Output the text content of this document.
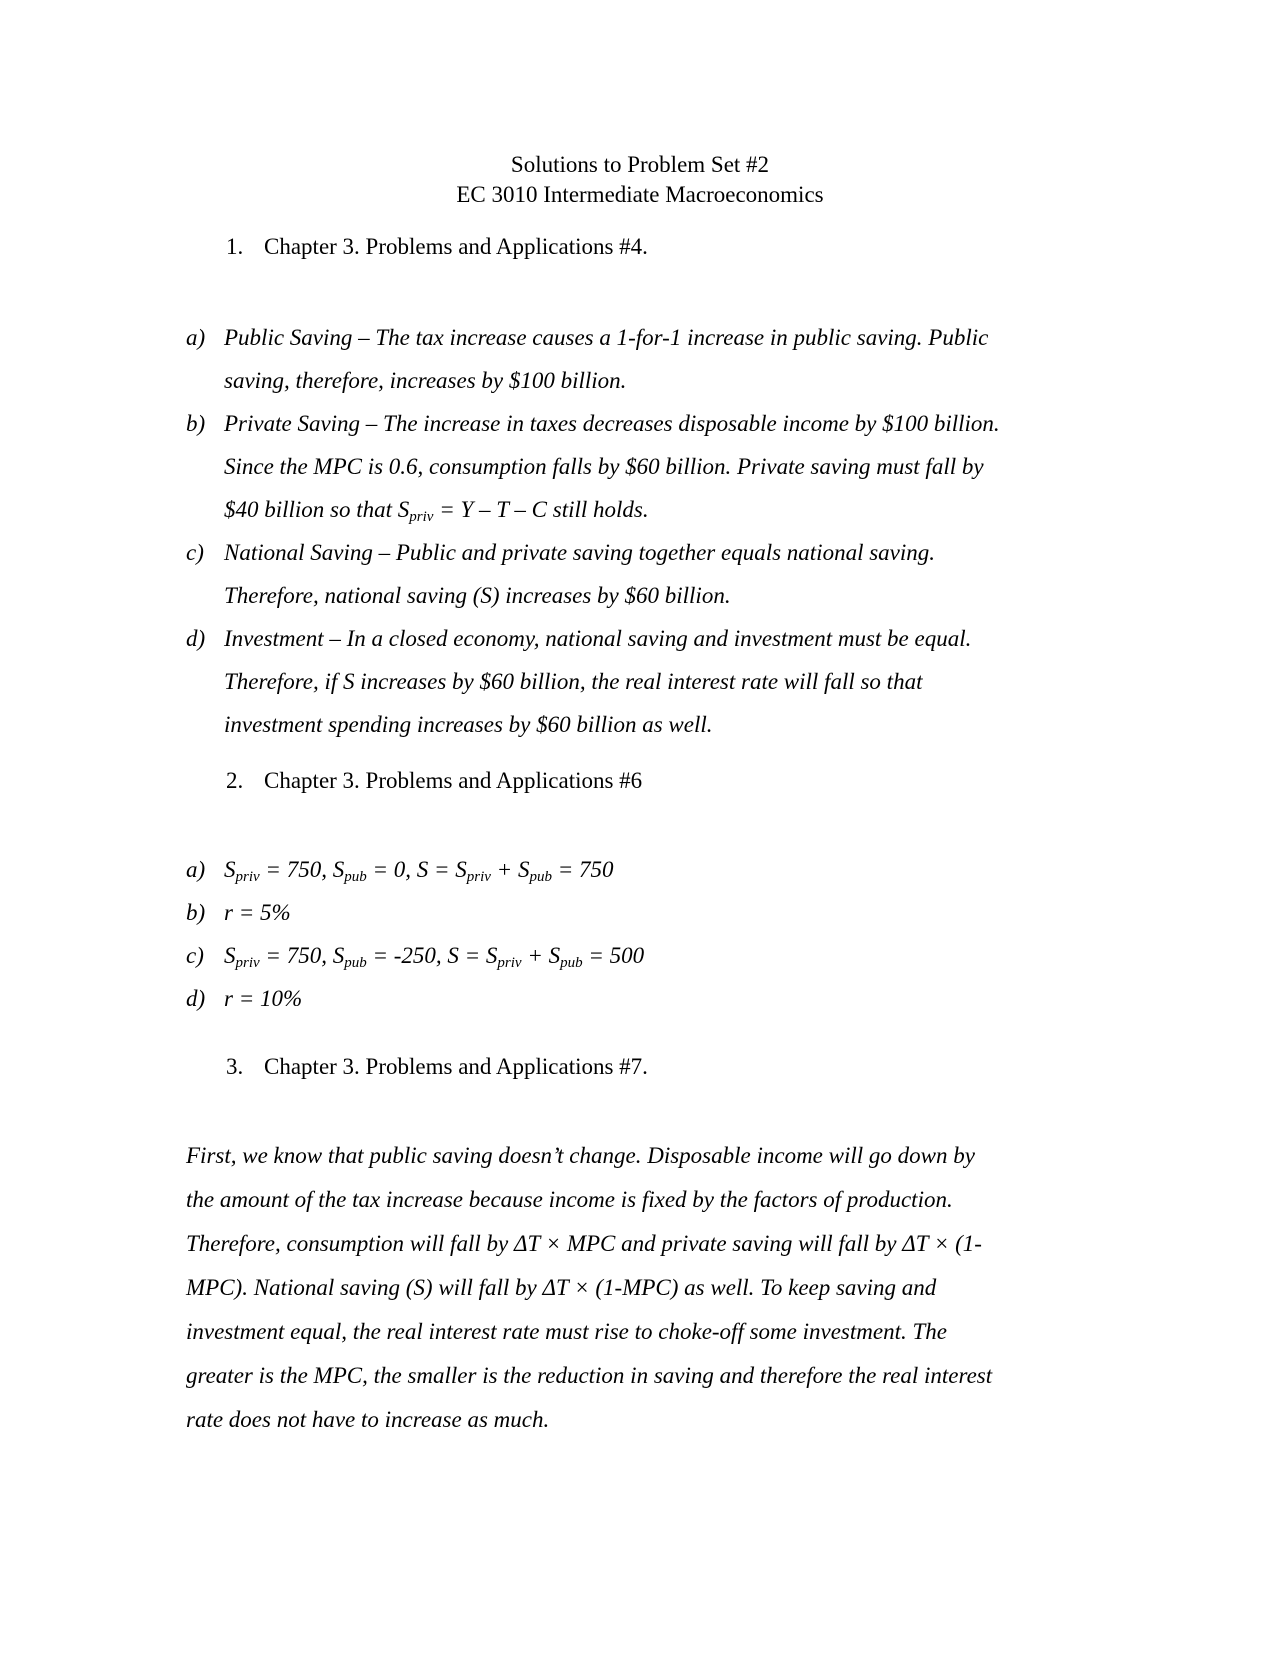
Solutions to Problem Set #2
EC 3010 Intermediate Macroeconomics
1. Chapter 3. Problems and Applications #4.
a) Public Saving – The tax increase causes a 1-for-1 increase in public saving. Public
saving, therefore, increases by $100 billion.
b) Private Saving – The increase in taxes decreases disposable income by $100 billion.
Since the MPC is 0.6, consumption falls by $60 billion. Private saving must fall by
$40 billion so that $S_{priv} = Y - T - C$ still holds.
c) National Saving – Public and private saving together equals national saving.
Therefore, national saving (S) increases by $60 billion.
d) Investment – In a closed economy, national saving and investment must be equal.
Therefore, if S increases by $60 billion, the real interest rate will fall so that
investment spending increases by $60 billion as well.
2. Chapter 3. Problems and Applications #6
a) $S_{priv} = 750$, $S_{pub} = 0$, $S = S_{priv} + S_{pub} = 750$
b) r = 5%
c) $S_{priv} = 750$, $S_{pub} = -250$, $S = S_{priv} + S_{pub} = 500$
d) r = 10%
3. Chapter 3. Problems and Applications #7.
First, we know that public saving doesn’t change. Disposable income will go down by
the amount of the tax increase because income is fixed by the factors of production.
Therefore, consumption will fall by ΔT × MPC and private saving will fall by ΔT × (1-
MPC). National saving (S) will fall by ΔT × (1-MPC) as well. To keep saving and
investment equal, the real interest rate must rise to choke-off some investment. The
greater is the MPC, the smaller is the reduction in saving and therefore the real interest
rate does not have to increase as much.
